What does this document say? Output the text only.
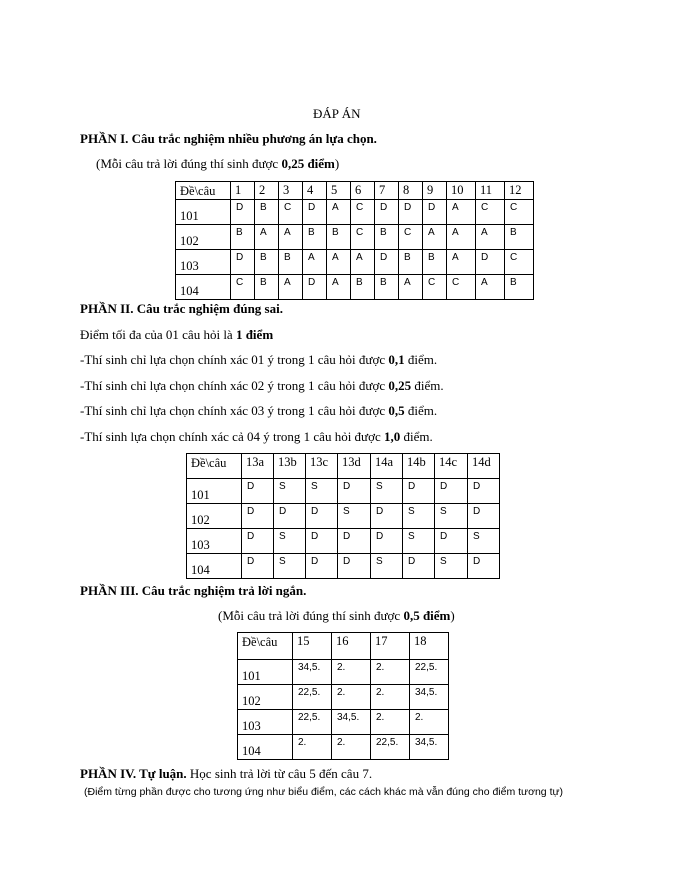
ĐÁP ÁN
PHẦN I. Câu trắc nghiệm nhiều phương án lựa chọn.
(Mỗi câu trả lời đúng thí sinh được 0,25 điểm)
Đề\câu	1	2	3	4	5	6	7	8	9	10	11	12
101	D	B	C	D	A	C	D	D	D	A	C	C
102	B	A	A	B	B	C	B	C	A	A	A	B
103	D	B	B	A	A	A	D	B	B	A	D	C
104	C	B	A	D	A	B	B	A	C	C	A	B
PHẦN II. Câu trắc nghiệm đúng sai.
Điểm tối đa của 01 câu hỏi là 1 điểm
-Thí sinh chỉ lựa chọn chính xác 01 ý trong 1 câu hỏi được 0,1 điểm.
-Thí sinh chỉ lựa chọn chính xác 02 ý trong 1 câu hỏi được 0,25 điểm.
-Thí sinh chỉ lựa chọn chính xác 03 ý trong 1 câu hỏi được 0,5 điểm.
-Thí sinh lựa chọn chính xác cả 04 ý trong 1 câu hỏi được 1,0 điểm.
Đề\câu	13a	13b	13c	13d	14a	14b	14c	14d
101	D	S	S	D	S	D	D	D
102	D	D	D	S	D	S	S	D
103	D	S	D	D	D	S	D	S
104	D	S	D	D	S	D	S	D
PHẦN III. Câu trắc nghiệm trả lời ngắn.
(Mỗi câu trả lời đúng thí sinh được 0,5 điểm)
Đề\câu	15	16	17	18
101	34,5.	2.	2.	22,5.
102	22,5.	2.	2.	34,5.
103	22,5.	34,5.	2.	2.
104	2.	2.	22,5.	34,5.
PHẦN IV. Tự luận. Học sinh trả lời từ câu 5 đến câu 7.
(Điểm từng phần được cho tương ứng như biểu điểm, các cách khác mà vẫn đúng cho điểm tương tự)
